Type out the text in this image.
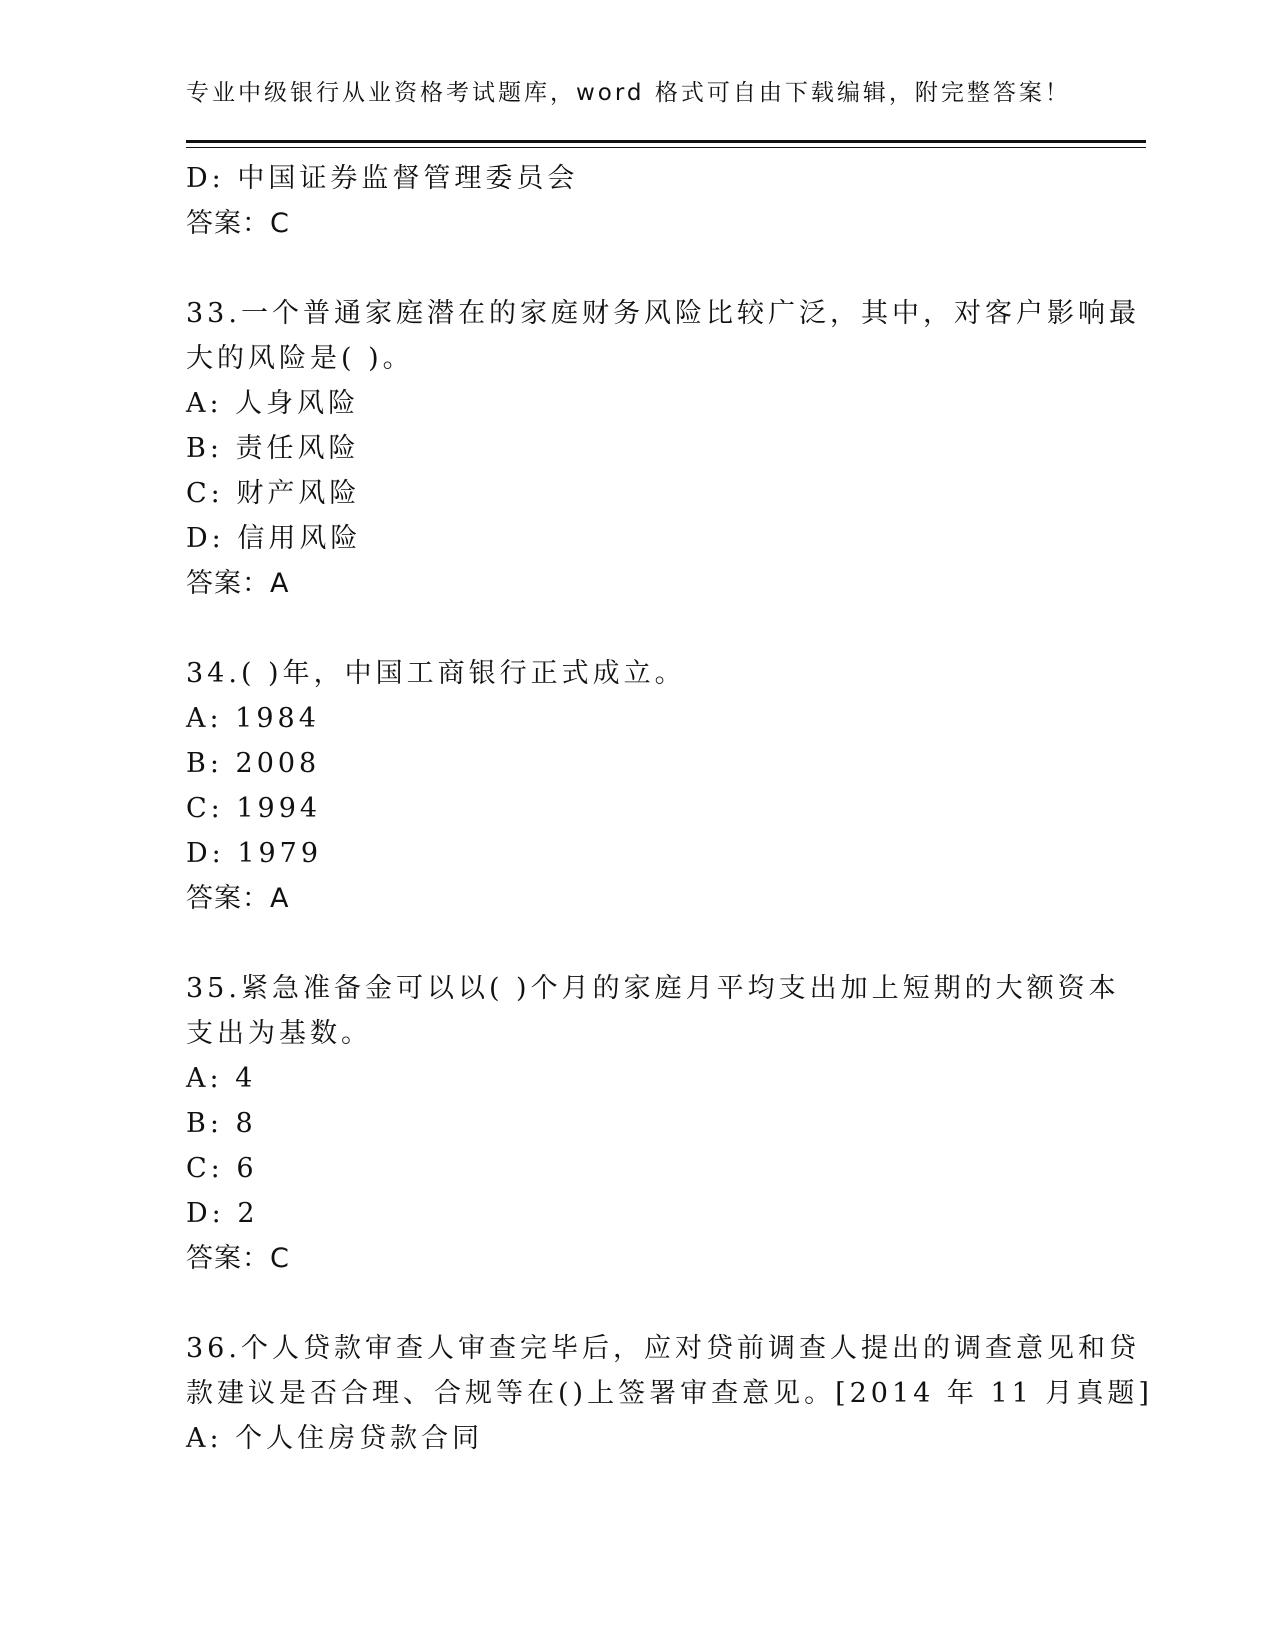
专业中级银行从业资格考试题库，word 格式可自由下载编辑，附完整答案！
D: 中国证券监督管理委员会
答案：C
33.一个普通家庭潜在的家庭财务风险比较广泛，其中，对客户影响最
大的风险是( )。
A: 人身风险
B: 责任风险
C: 财产风险
D: 信用风险
答案：A
34.( )年，中国工商银行正式成立。
A: 1984
B: 2008
C: 1994
D: 1979
答案：A
35.紧急准备金可以以( )个月的家庭月平均支出加上短期的大额资本
支出为基数。
A: 4
B: 8
C: 6
D: 2
答案：C
36.个人贷款审查人审查完毕后，应对贷前调查人提出的调查意见和贷
款建议是否合理、合规等在()上签署审查意见。[2014 年 11 月真题]
A: 个人住房贷款合同
